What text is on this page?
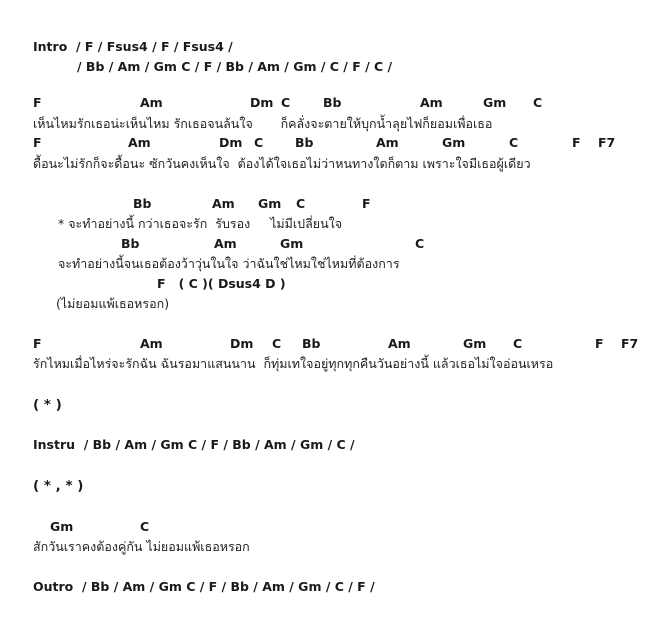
Intro  / F / Fsus4 / F / Fsus4 /
/ Bb / Am / Gm C / F / Bb / Am / Gm / C / F / C /
F	Am	Dm C	Bb	Am	Gm C
เห็นไหมรักเธอน่ะเห็นไหม รักเธอจนล้นใจ       ก็คลั่งจะตายให้บุกน้ำลุยไฟก็ยอมเพื่อเธอ
F	Am	Dm C	Bb	Am	Gm	C	F F7
ดื้อนะไม่รักก็จะดื้อนะ ซักวันคงเห็นใจ  ต้องได้ใจเธอไม่ว่าหนทางใดก็ตาม เพราะใจมีเธอผู้เดียว
Bb	Am Gm C	F
* จะทำอย่างนี้ กว่าเธอจะรัก  รับรอง     ไม่มีเปลี่ยนใจ
Bb	Am	Gm	C
จะทำอย่างนี้จนเธอต้องว้าวุ่นในใจ ว่าฉันใช่ไหมใช่ไหมที่ต้องการ
F   ( C )( Dsus4 D )
(ไม่ยอมแพ้เธอหรอก)
F	Am	Dm C Bb	Am	Gm C	F F7
รักไหมเมื่อไหร่จะรักฉัน ฉันรอมาแสนนาน  ก็ทุ่มเทใจอยู่ทุกทุกคืนวันอย่างนี้ แล้วเธอไม่ใจอ่อนเหรอ
( * )
Instru  / Bb / Am / Gm C / F / Bb / Am / Gm / C /
( * , * )
Gm	C
สักวันเราคงต้องคู่กัน ไม่ยอมแพ้เธอหรอก
Outro  / Bb / Am / Gm C / F / Bb / Am / Gm / C / F /
